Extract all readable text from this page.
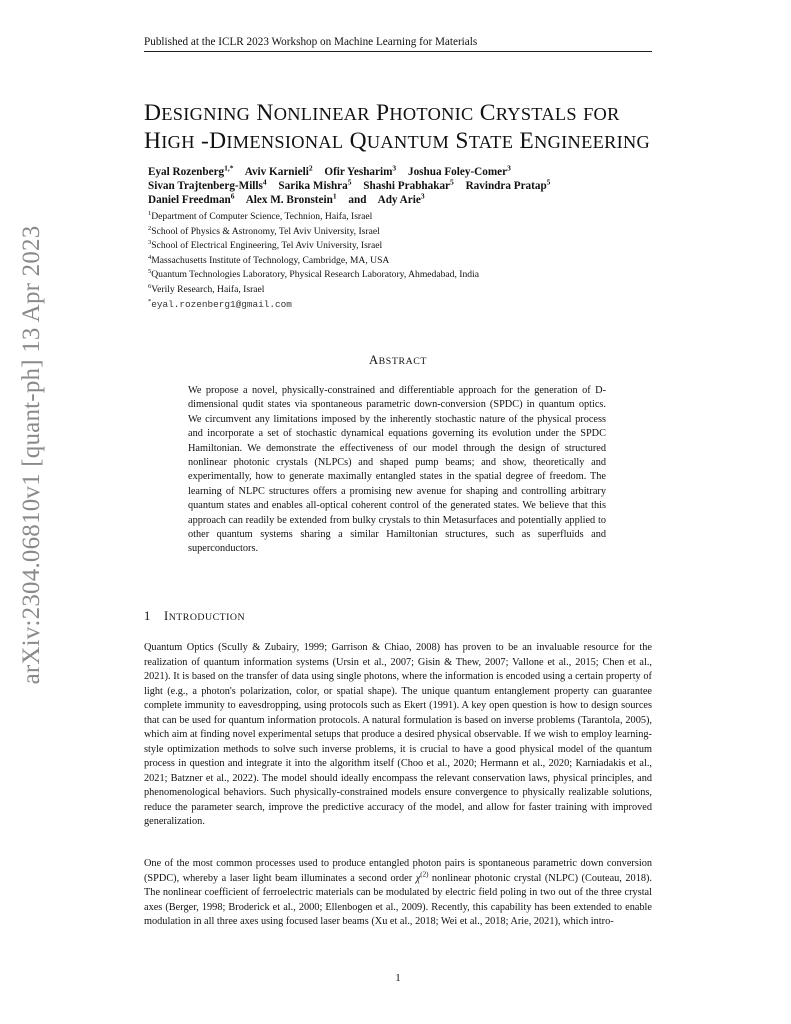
Published at the ICLR 2023 Workshop on Machine Learning for Materials
arXiv:2304.06810v1 [quant-ph] 13 Apr 2023
DESIGNING NONLINEAR PHOTONIC CRYSTALS FOR
HIGH -DIMENSIONAL QUANTUM STATE ENGINEERING
Eyal Rozenberg$^{1,*}$ Aviv Karnieli$^2$ Ofir Yesharim$^3$ Joshua Foley-Comer$^3$ Sivan Trajtenberg-Mills$^4$ Sarika Mishra$^5$ Shashi Prabhakar$^5$ Ravindra Pratap$^5$ Daniel Freedman$^6$ Alex M. Bronstein$^1$ and Ady Arie$^3$
$^1$Department of Computer Science, Technion, Haifa, Israel
$^2$School of Physics & Astronomy, Tel Aviv University, Israel
$^3$School of Electrical Engineering, Tel Aviv University, Israel
$^4$Massachusetts Institute of Technology, Cambridge, MA, USA
$^5$Quantum Technologies Laboratory, Physical Research Laboratory, Ahmedabad, India
$^6$Verily Research, Haifa, Israel
*eyal.rozenberg1@gmail.com
ABSTRACT
We propose a novel, physically-constrained and differentiable approach for the generation of D-dimensional qudit states via spontaneous parametric down-conversion (SPDC) in quantum optics. We circumvent any limitations imposed by the inherently stochastic nature of the physical process and incorporate a set of stochastic dynamical equations governing its evolution under the SPDC Hamiltonian. We demonstrate the effectiveness of our model through the design of structured nonlinear photonic crystals (NLPCs) and shaped pump beams; and show, theoretically and experimentally, how to generate maximally entangled states in the spatial degree of freedom. The learning of NLPC structures offers a promising new avenue for shaping and controlling arbitrary quantum states and enables all-optical coherent control of the generated states. We believe that this approach can readily be extended from bulky crystals to thin Metasurfaces and potentially applied to other quantum systems sharing a similar Hamiltonian structures, such as superfluids and superconductors.
1 INTRODUCTION
Quantum Optics (Scully & Zubairy, 1999; Garrison & Chiao, 2008) has proven to be an invaluable resource for the realization of quantum information systems (Ursin et al., 2007; Gisin & Thew, 2007; Vallone et al., 2015; Chen et al., 2021). It is based on the transfer of data using single photons, where the information is encoded using a certain property of light (e.g., a photon's polarization, color, or spatial shape). The unique quantum entanglement property can guarantee complete immunity to eavesdropping, using protocols such as Ekert (1991). A key open question is how to design sources that can be used for quantum information protocols. A natural formulation is based on inverse problems (Tarantola, 2005), which aim at finding novel experimental setups that produce a desired physical observable. If we wish to employ learning-style optimization methods to solve such inverse problems, it is crucial to have a good physical model of the quantum process in question and integrate it into the algorithm itself (Choo et al., 2020; Hermann et al., 2020; Karniadakis et al., 2021; Batzner et al., 2022). The model should ideally encompass the relevant conservation laws, physical principles, and phenomenological behaviors. Such physically-constrained models ensure convergence to physically realizable solutions, reduce the parameter search, improve the predictive accuracy of the model, and allow for faster training with improved generalization.
One of the most common processes used to produce entangled photon pairs is spontaneous parametric down conversion (SPDC), whereby a laser light beam illuminates a second order $\chi^{(2)}$ nonlinear photonic crystal (NLPC) (Couteau, 2018). The nonlinear coefficient of ferroelectric materials can be modulated by electric field poling in two out of the three crystal axes (Berger, 1998; Broderick et al., 2000; Ellenbogen et al., 2009). Recently, this capability has been extended to enable modulation in all three axes using focused laser beams (Xu et al., 2018; Wei et al., 2018; Arie, 2021), which intro-
1
